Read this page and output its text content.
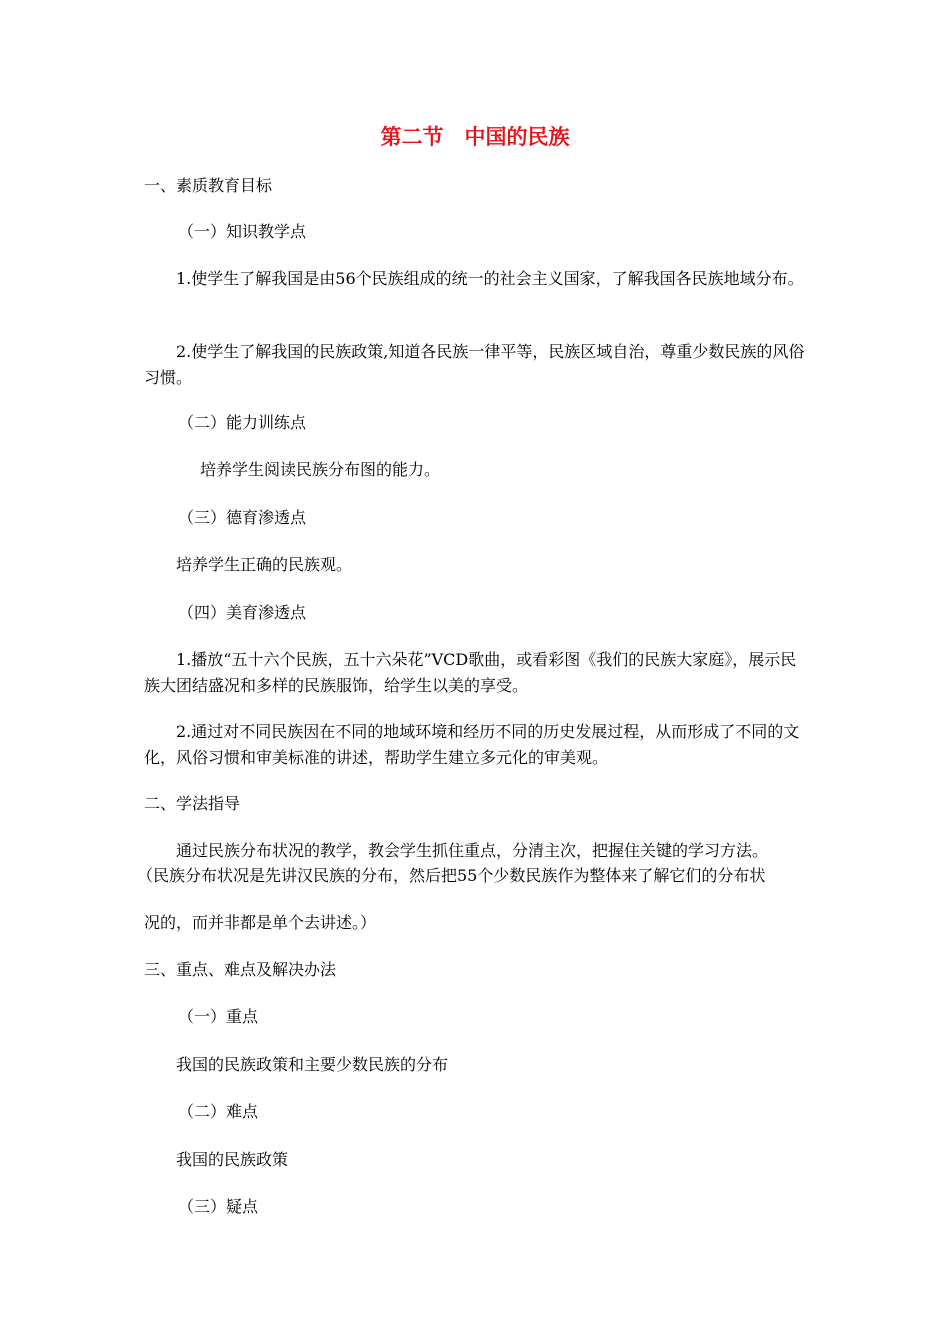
第二节　中国的民族
一、素质教育目标
（一）知识教学点

1.使学生了解我国是由56个民族组成的统一的社会主义国家，了解我国各民族地域分布。

2.使学生了解我国的民族政策,知道各民族一律平等，民族区域自治，尊重少数民族的风俗习惯。

（二）能力训练点
培养学生阅读民族分布图的能力。
（三）德育渗透点
培养学生正确的民族观。
（四）美育渗透点

1.播放“五十六个民族，五十六朵花”VCD歌曲，或看彩图《我们的民族大家庭》，展示民族大团结盛况和多样的民族服饰，给学生以美的享受。

2.通过对不同民族因在不同的地域环境和经历不同的历史发展过程，从而形成了不同的文化，风俗习惯和审美标准的讲述，帮助学生建立多元化的审美观。

二、学法指导
通过民族分布状况的教学，教会学生抓住重点，分清主次，把握住关键的学习方法。
（民族分布状况是先讲汉民族的分布，然后把55个少数民族作为整体来了解它们的分布状
况的，而并非都是单个去讲述。）
三、重点、难点及解决办法
（一）重点
我国的民族政策和主要少数民族的分布
（二）难点
我国的民族政策
（三）疑点
